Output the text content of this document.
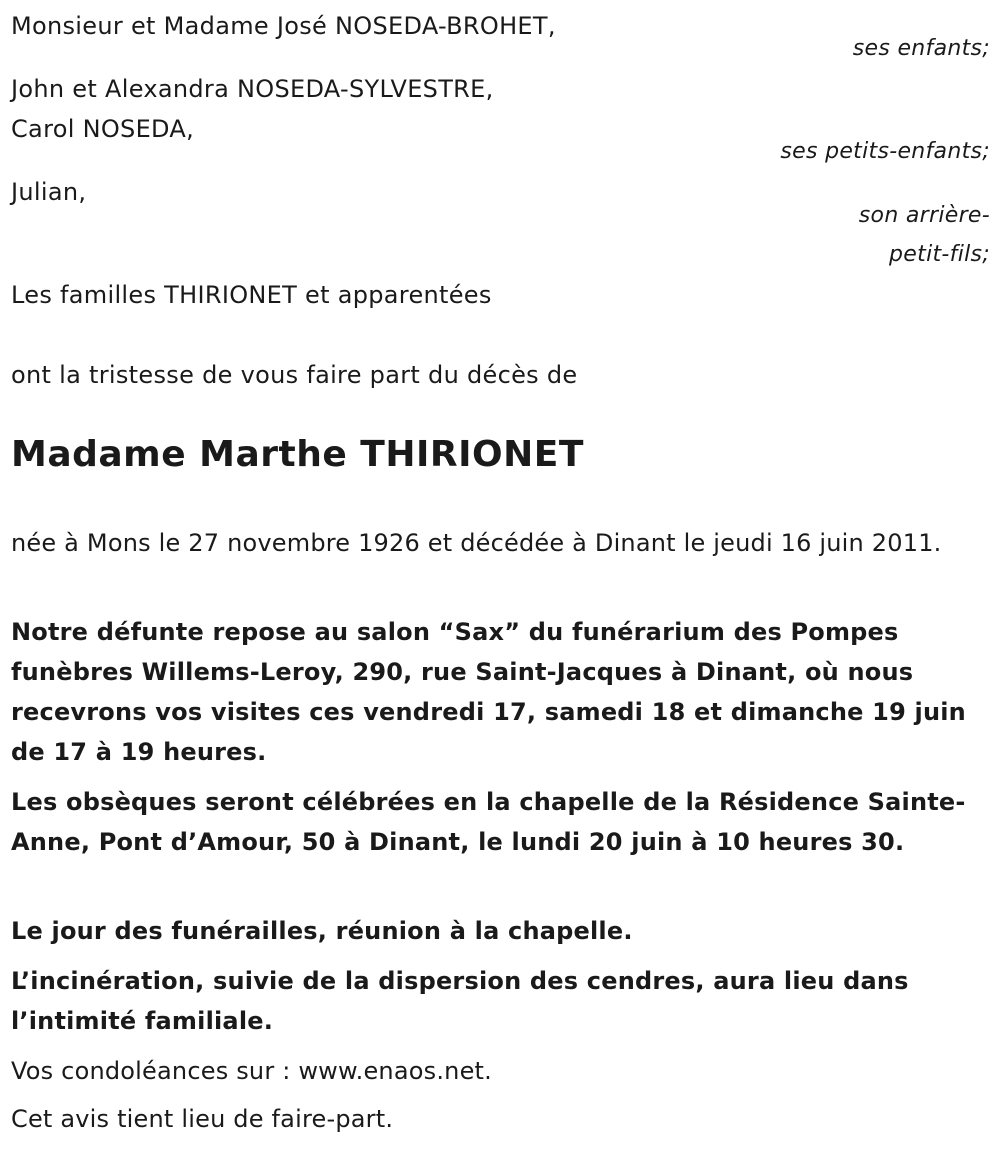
Monsieur et Madame José NOSEDA-BROHET,

ses enfants;

John et Alexandra NOSEDA-SYLVESTRE,

Carol NOSEDA,

ses petits-enfants;

Julian,

son arrière-

petit-fils;

Les familles THIRIONET et apparentées

ont la tristesse de vous faire part du décès de

Madame Marthe THIRIONET

née à Mons le 27 novembre 1926 et décédée à Dinant le jeudi 16 juin 2011.

Notre défunte repose au salon “Sax” du funérarium des Pompes funèbres Willems-Leroy, 290, rue Saint-Jacques à Dinant, où nous recevrons vos visites ces vendredi 17, samedi 18 et dimanche 19 juin de 17 à 19 heures.

Les obsèques seront célébrées en la chapelle de la Résidence Sainte-Anne, Pont d’Amour, 50 à Dinant, le lundi 20 juin à 10 heures 30.

Le jour des funérailles, réunion à la chapelle.

L’incinération, suivie de la dispersion des cendres, aura lieu dans l’intimité familiale.

Vos condoléances sur : www.enaos.net.

Cet avis tient lieu de faire-part.
